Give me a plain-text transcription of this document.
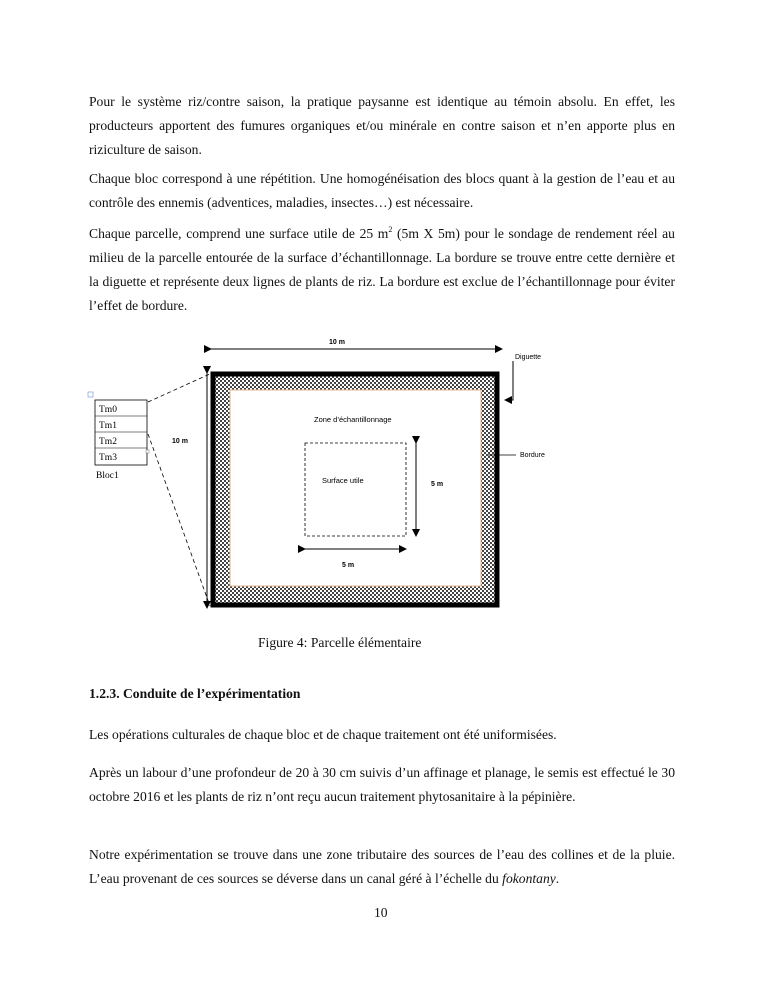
Pour le système riz/contre saison, la pratique paysanne est identique au témoin absolu. En effet, les producteurs apportent des fumures organiques et/ou minérale en contre saison et n’en apporte plus en riziculture de saison.

Chaque bloc correspond à une répétition. Une homogénéisation des blocs quant à la gestion de l’eau et au contrôle des ennemis (adventices, maladies, insectes…) est nécessaire.

Chaque parcelle, comprend une surface utile de 25 $m^2$ (5m X 5m) pour le sondage de rendement réel au milieu de la parcelle entourée de la surface d’échantillonnage. La bordure se trouve entre cette dernière et la diguette et représente deux lignes de plants de riz. La bordure est exclue de l’échantillonnage pour éviter l’effet de bordure.

10 m
10 m
Zone d’échantillonnage
Surface utile
5 m
5 m
Diguette
Bordure
Tm0
Tm1
Tm2
Tm3
Bloc1
Figure 4: Parcelle élémentaire

1.2.3. Conduite de l’expérimentation

Les opérations culturales de chaque bloc et de chaque traitement ont été uniformisées.

Après un labour d’une profondeur de 20 à 30 cm suivis d’un affinage et planage, le semis est effectué le 30 octobre 2016 et les plants de riz n’ont reçu aucun traitement phytosanitaire à la pépinière.

Notre expérimentation se trouve dans une zone tributaire des sources de l’eau des collines et de la pluie. L’eau provenant de ces sources se déverse dans un canal géré à l’échelle du fokontany.

10
